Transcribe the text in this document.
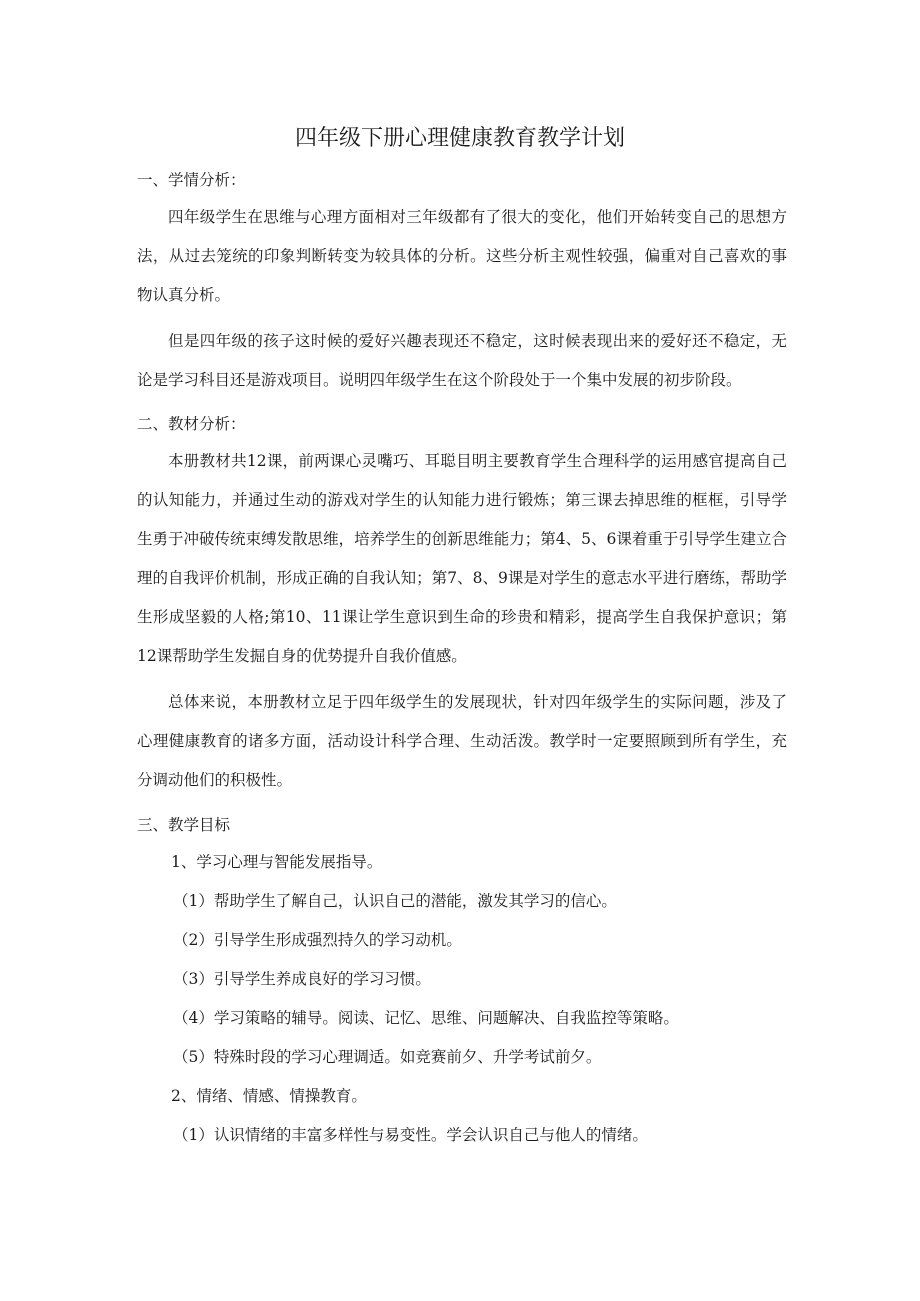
四年级下册心理健康教育教学计划
一、学情分析：

四年级学生在思维与心理方面相对三年级都有了很大的变化，他们开始转变自己的思想方法，从过去笼统的印象判断转变为较具体的分析。这些分析主观性较强，偏重对自己喜欢的事物认真分析。

但是四年级的孩子这时候的爱好兴趣表现还不稳定，这时候表现出来的爱好还不稳定，无论是学习科目还是游戏项目。说明四年级学生在这个阶段处于一个集中发展的初步阶段。

二、教材分析：

本册教材共12课，前两课心灵嘴巧、耳聪目明主要教育学生合理科学的运用感官提高自己的认知能力，并通过生动的游戏对学生的认知能力进行锻炼；第三课去掉思维的框框，引导学生勇于冲破传统束缚发散思维，培养学生的创新思维能力；第4、5、6课着重于引导学生建立合理的自我评价机制，形成正确的自我认知；第7、8、9课是对学生的意志水平进行磨练，帮助学生形成坚毅的人格;第10、11课让学生意识到生命的珍贵和精彩，提高学生自我保护意识；第12课帮助学生发掘自身的优势提升自我价值感。

总体来说，本册教材立足于四年级学生的发展现状，针对四年级学生的实际问题，涉及了心理健康教育的诸多方面，活动设计科学合理、生动活泼。教学时一定要照顾到所有学生，充分调动他们的积极性。

三、教学目标
1、学习心理与智能发展指导。
（1）帮助学生了解自己，认识自己的潜能，激发其学习的信心。
（2）引导学生形成强烈持久的学习动机。
（3）引导学生养成良好的学习习惯。
（4）学习策略的辅导。阅读、记忆、思维、问题解决、自我监控等策略。
（5）特殊时段的学习心理调适。如竞赛前夕、升学考试前夕。
2、情绪、情感、情操教育。
（1）认识情绪的丰富多样性与易变性。学会认识自己与他人的情绪。
